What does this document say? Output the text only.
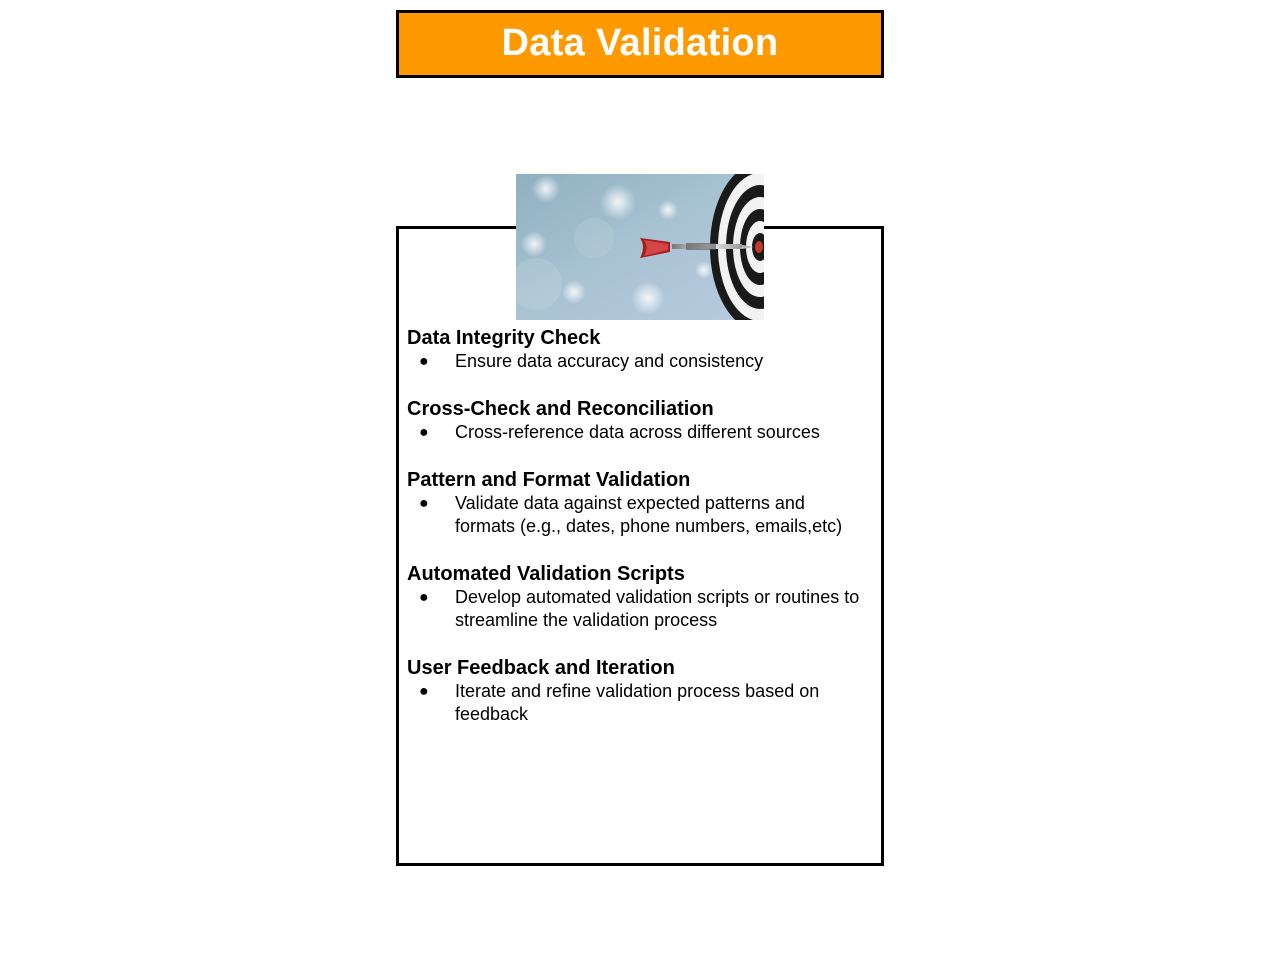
Data Validation
Data Integrity Check
●	Ensure data accuracy and consistency
Cross-Check and Reconciliation
●	Cross-reference data across different sources
Pattern and Format Validation
●	Validate data against expected patterns and formats (e.g., dates, phone numbers, emails,etc)
Automated Validation Scripts
●	Develop automated validation scripts or routines to streamline the validation process
User Feedback and Iteration
●	Iterate and refine validation process based on feedback
